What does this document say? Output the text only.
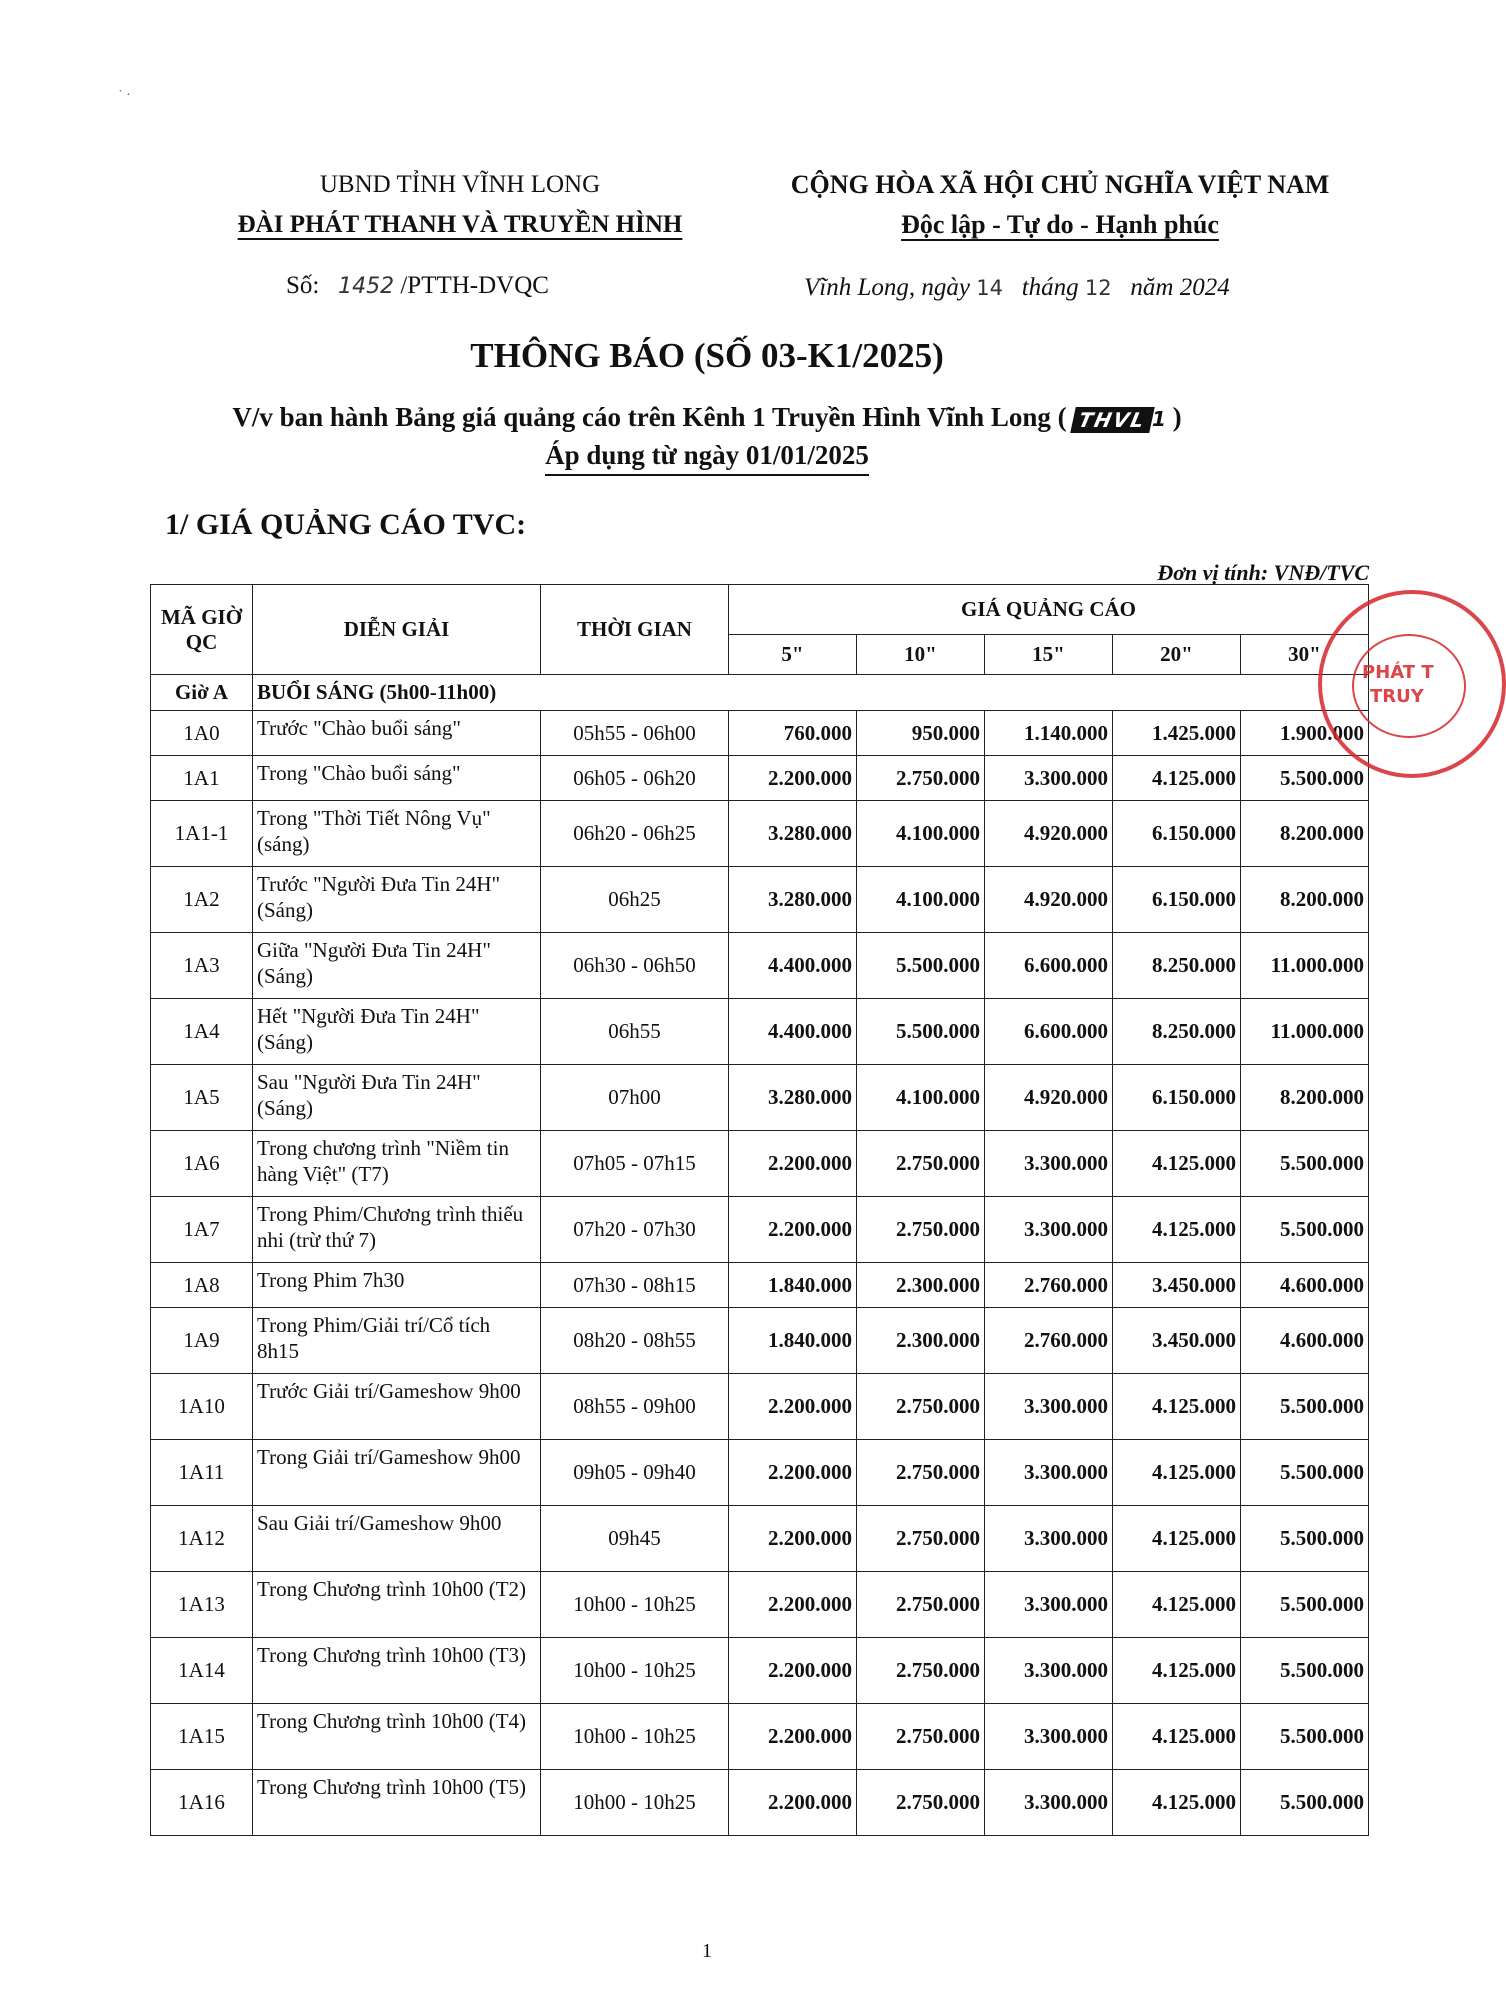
˙ ·
UBND TỈNH VĨNH LONG
ĐÀI PHÁT THANH VÀ TRUYỀN HÌNH
CỘNG HÒA XÃ HỘI CHỦ NGHĨA VIỆT NAM
Độc lập - Tự do - Hạnh phúc
Số: 1452 /PTTH-DVQC	Vĩnh Long, ngày 14 tháng 12 năm 2024
THÔNG BÁO (SỐ 03-K1/2025)
V/v ban hành Bảng giá quảng cáo trên Kênh 1 Truyền Hình Vĩnh Long ( THVL 1 )
Áp dụng từ ngày 01/01/2025
1/ GIÁ QUẢNG CÁO TVC:
Đơn vị tính: VNĐ/TVC
MÃ GIỜ QC	DIỄN GIẢI	THỜI GIAN	GIÁ QUẢNG CÁO				
			5"	10"	15"	20"	30"
Giờ A	BUỔI SÁNG (5h00-11h00)						
1A0	Trước "Chào buổi sáng"	05h55 - 06h00	760.000	950.000	1.140.000	1.425.000	1.900.000
1A1	Trong "Chào buổi sáng"	06h05 - 06h20	2.200.000	2.750.000	3.300.000	4.125.000	5.500.000
1A1-1	Trong "Thời Tiết Nông Vụ" (sáng)	06h20 - 06h25	3.280.000	4.100.000	4.920.000	6.150.000	8.200.000
1A2	Trước "Người Đưa Tin 24H" (Sáng)	06h25	3.280.000	4.100.000	4.920.000	6.150.000	8.200.000
1A3	Giữa "Người Đưa Tin 24H" (Sáng)	06h30 - 06h50	4.400.000	5.500.000	6.600.000	8.250.000	11.000.000
1A4	Hết "Người Đưa Tin 24H" (Sáng)	06h55	4.400.000	5.500.000	6.600.000	8.250.000	11.000.000
1A5	Sau "Người Đưa Tin 24H" (Sáng)	07h00	3.280.000	4.100.000	4.920.000	6.150.000	8.200.000
1A6	Trong chương trình "Niềm tin hàng Việt" (T7)	07h05 - 07h15	2.200.000	2.750.000	3.300.000	4.125.000	5.500.000
1A7	Trong Phim/Chương trình thiếu nhi (trừ thứ 7)	07h20 - 07h30	2.200.000	2.750.000	3.300.000	4.125.000	5.500.000
1A8	Trong Phim 7h30	07h30 - 08h15	1.840.000	2.300.000	2.760.000	3.450.000	4.600.000
1A9	Trong Phim/Giải trí/Cổ tích 8h15	08h20 - 08h55	1.840.000	2.300.000	2.760.000	3.450.000	4.600.000
1A10	Trước Giải trí/Gameshow 9h00	08h55 - 09h00	2.200.000	2.750.000	3.300.000	4.125.000	5.500.000
1A11	Trong Giải trí/Gameshow 9h00	09h05 - 09h40	2.200.000	2.750.000	3.300.000	4.125.000	5.500.000
1A12	Sau Giải trí/Gameshow 9h00	09h45	2.200.000	2.750.000	3.300.000	4.125.000	5.500.000
1A13	Trong Chương trình 10h00 (T2)	10h00 - 10h25	2.200.000	2.750.000	3.300.000	4.125.000	5.500.000
1A14	Trong Chương trình 10h00 (T3)	10h00 - 10h25	2.200.000	2.750.000	3.300.000	4.125.000	5.500.000
1A15	Trong Chương trình 10h00 (T4)	10h00 - 10h25	2.200.000	2.750.000	3.300.000	4.125.000	5.500.000
1A16	Trong Chương trình 10h00 (T5)	10h00 - 10h25	2.200.000	2.750.000	3.300.000	4.125.000	5.500.000
PHÁT T
TRUY
1
